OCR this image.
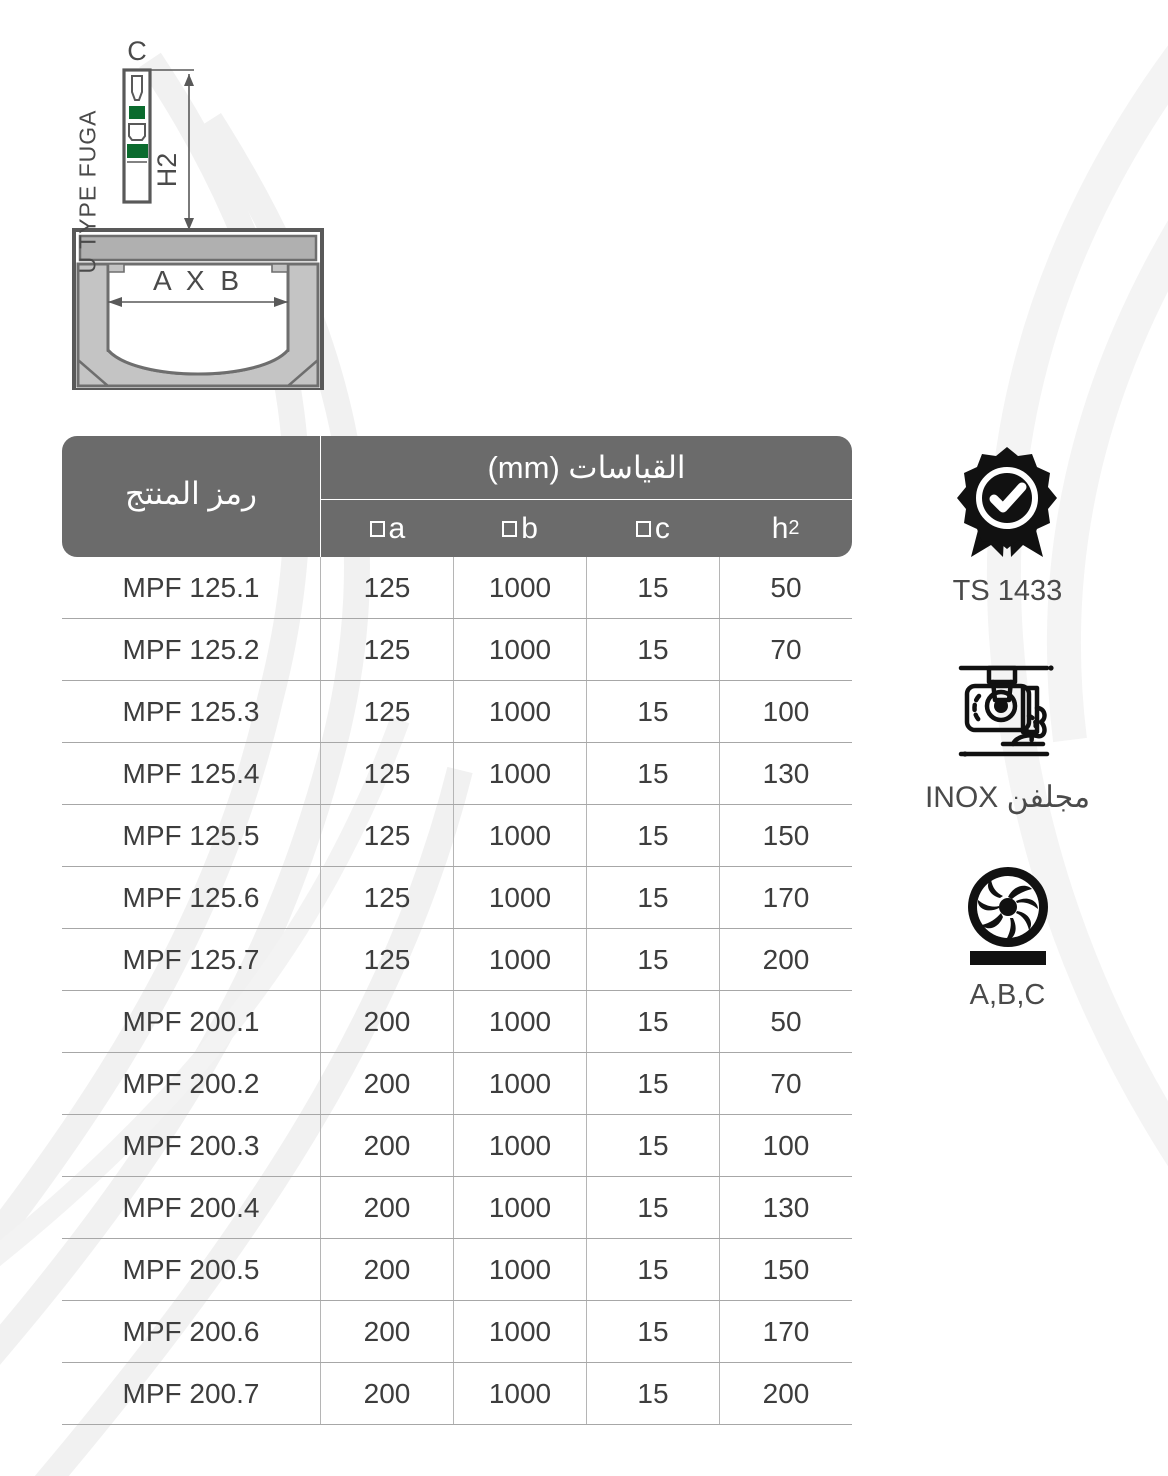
U TYPE FUGA
C
H2
A X B
رمز المنتج
القياسات (mm)
a	b	c	h 2
MPF 125.1	125	1000	15	50
MPF 125.2	125	1000	15	70
MPF 125.3	125	1000	15	100
MPF 125.4	125	1000	15	130
MPF 125.5	125	1000	15	150
MPF 125.6	125	1000	15	170
MPF 125.7	125	1000	15	200
MPF 200.1	200	1000	15	50
MPF 200.2	200	1000	15	70
MPF 200.3	200	1000	15	100
MPF 200.4	200	1000	15	130
MPF 200.5	200	1000	15	150
MPF 200.6	200	1000	15	170
MPF 200.7	200	1000	15	200
TS 1433
INOX مجلفن
A,B,C
